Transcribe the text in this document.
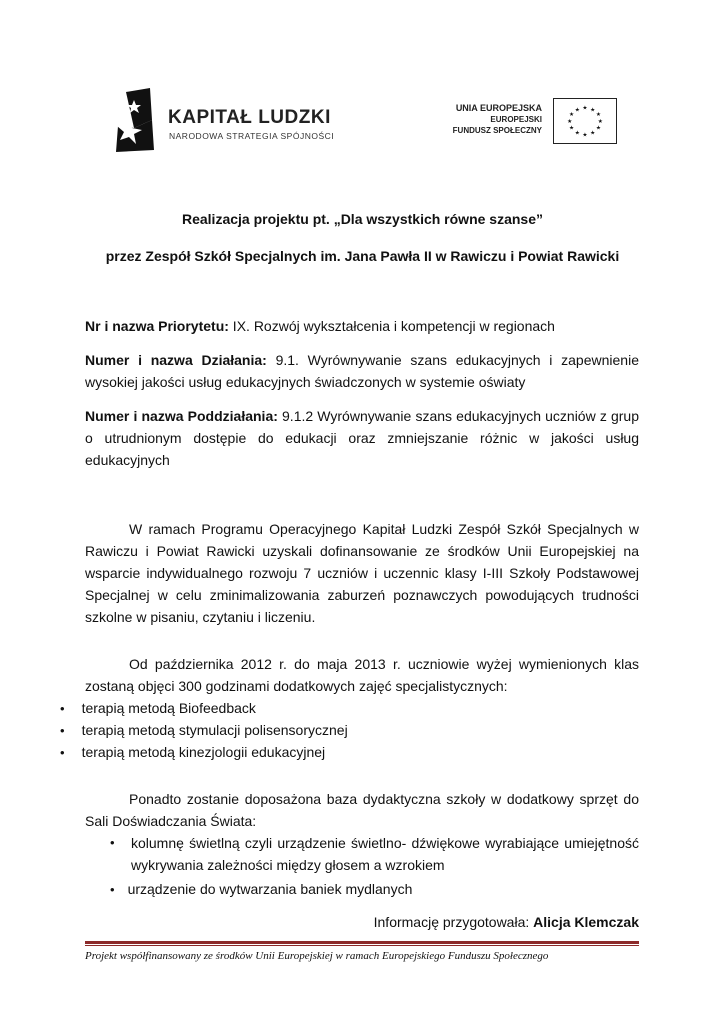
KAPITAŁ LUDZKI
NARODOWA STRATEGIA SPÓJNOŚCI
UNIA EUROPEJSKA
EUROPEJSKI
FUNDUSZ SPOŁECZNY
★ ★
★
★
★
★
★
★
★
★
★
★
Realizacja projektu pt. „Dla wszystkich równe szanse”
przez Zespół Szkół Specjalnych im. Jana Pawła II w Rawiczu i Powiat Rawicki
Nr i nazwa Priorytetu: IX. Rozwój wykształcenia i kompetencji w regionach
Numer i nazwa Działania: 9.1. Wyrównywanie szans edukacyjnych i zapewnienie wysokiej jakości usług edukacyjnych świadczonych w systemie oświaty
Numer i nazwa Poddziałania: 9.1.2 Wyrównywanie szans edukacyjnych uczniów z grup o utrudnionym dostępie do edukacji oraz zmniejszanie różnic w jakości usług edukacyjnych
W ramach Programu Operacyjnego Kapitał Ludzki Zespół Szkół Specjalnych w Rawiczu i Powiat Rawicki uzyskali dofinansowanie ze środków Unii Europejskiej na wsparcie indywidualnego rozwoju 7 uczniów i uczennic klasy I-III Szkoły Podstawowej Specjalnej w celu zminimalizowania zaburzeń poznawczych powodujących trudności szkolne w pisaniu, czytaniu i liczeniu.
Od października 2012 r. do maja 2013 r. uczniowie wyżej wymienionych klas zostaną objęci 300 godzinami dodatkowych zajęć specjalistycznych:
• terapią metodą Biofeedback
• terapią metodą stymulacji polisensorycznej
• terapią metodą kinezjologii edukacyjnej
Ponadto zostanie doposażona baza dydaktyczna szkoły w dodatkowy sprzęt do Sali Doświadczania Świata:
• kolumnę świetlną czyli urządzenie świetlno- dźwiękowe wyrabiające umiejętność wykrywania zależności między głosem a wzrokiem
• urządzenie do wytwarzania baniek mydlanych
Informację przygotowała: Alicja Klemczak
Projekt współfinansowany ze środków Unii Europejskiej w ramach Europejskiego Funduszu Społecznego
